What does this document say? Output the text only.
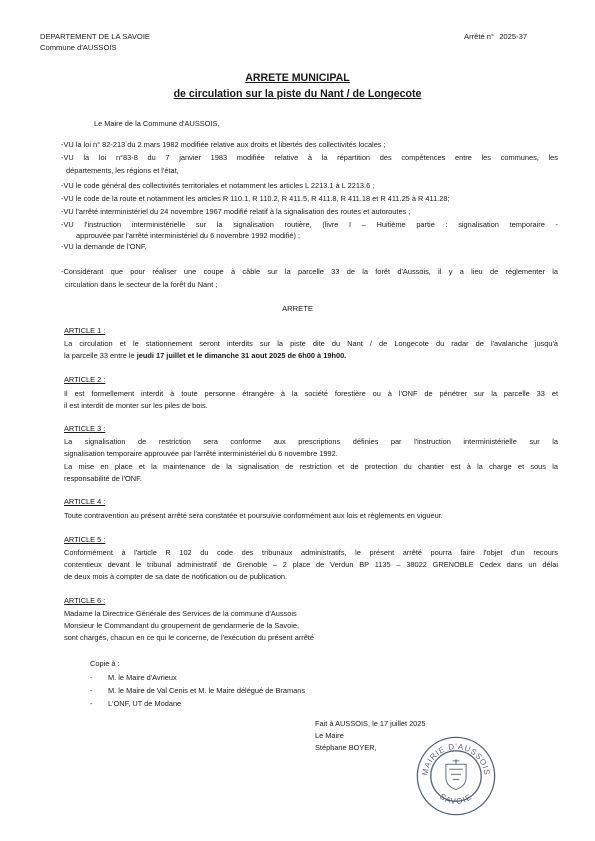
DEPARTEMENT DE LA SAVOIE
Commune d'AUSSOIS
Arrêté n° 2025-37
ARRETE MUNICIPAL
de circulation sur la piste du Nant / de Longecote
Le Maire de la Commune d'AUSSOIS,
-VU la loi n° 82-213 du 2 mars 1982 modifiée relative aux droits et libertés des collectivités locales ;
-VU la loi n°83-8 du 7 janvier 1983 modifiée relative à la répartition des compétences entre les communes, les
départements, les régions et l'état,
-VU le code général des collectivités territoriales et notamment les articles L 2213.1 à L 2213.6 ;
-VU le code de la route et notamment les articles R 110.1, R 110.2, R 411.5, R 411.8, R 411.18 et R 411.25 à R 411.28;
-VU l'arrêté interministériel du 24 novembre 1967 modifié relatif à la signalisation des routes et autoroutes ;
-VU l'instruction interministérielle sur la signalisation routière, (livre I – Huitième partie : signalisation temporaire -
approuvée par l'arrêté interministériel du 6 novembre 1992 modifié) ;
-VU la demande de l'ONF,
-Considérant que pour réaliser une coupe à câble sur la parcelle 33 de la forêt d'Aussois, il y a lieu de réglementer la
circulation dans le secteur de la forêt du Nant ;
ARRETE
ARTICLE 1 :
La circulation et le stationnement seront interdits sur la piste dite du Nant / de Longecote du radar de l'avalanche jusqu'à
la parcelle 33 entre le jeudi 17 juillet et le dimanche 31 aout 2025 de 6h00 à 19h00.
ARTICLE 2 :
Il est formellement interdit à toute personne étrangère à la société forestière ou à l'ONF de pénétrer sur la parcelle 33 et
il est interdit de monter sur les piles de bois.
ARTICLE 3 :
La signalisation de restriction sera conforme aux prescriptions définies par l'instruction interministérielle sur la
signalisation temporaire approuvée par l'arrêté interministériel du 6 novembre 1992.
La mise en place et la maintenance de la signalisation de restriction et de protection du chantier est à la charge et sous la
responsabilité de l'ONF.
ARTICLE 4 :
Toute contravention au présent arrêté sera constatée et poursuivie conformément aux lois et règlements en vigueur.
ARTICLE 5 :
Conformément à l'article R 102 du code des tribunaux administratifs, le présent arrêté pourra faire l'objet d'un recours
contentieux devant le tribunal administratif de Grenoble – 2 place de Verdun BP 1135 – 38022 GRENOBLE Cedex dans un délai
de deux mois à compter de sa date de notification ou de publication.
ARTICLE 6 :
Madame la Directrice Générale des Services de la commune d'Aussois
Monsieur le Commandant du groupement de gendarmerie de la Savoie,
sont chargés, chacun en ce qui le concerne, de l'exécution du présent arrêté
Copie à :
- M. le Maire d'Avrieux
- M. le Maire de Val Cenis et M. le Maire délégué de Bramans
- L'ONF, UT de Modane
Fait à AUSSOIS, le 17 juillet 2025
Le Maire
Stéphane BOYER,
MAIRIE D'AUSSOIS
SAVOIE
